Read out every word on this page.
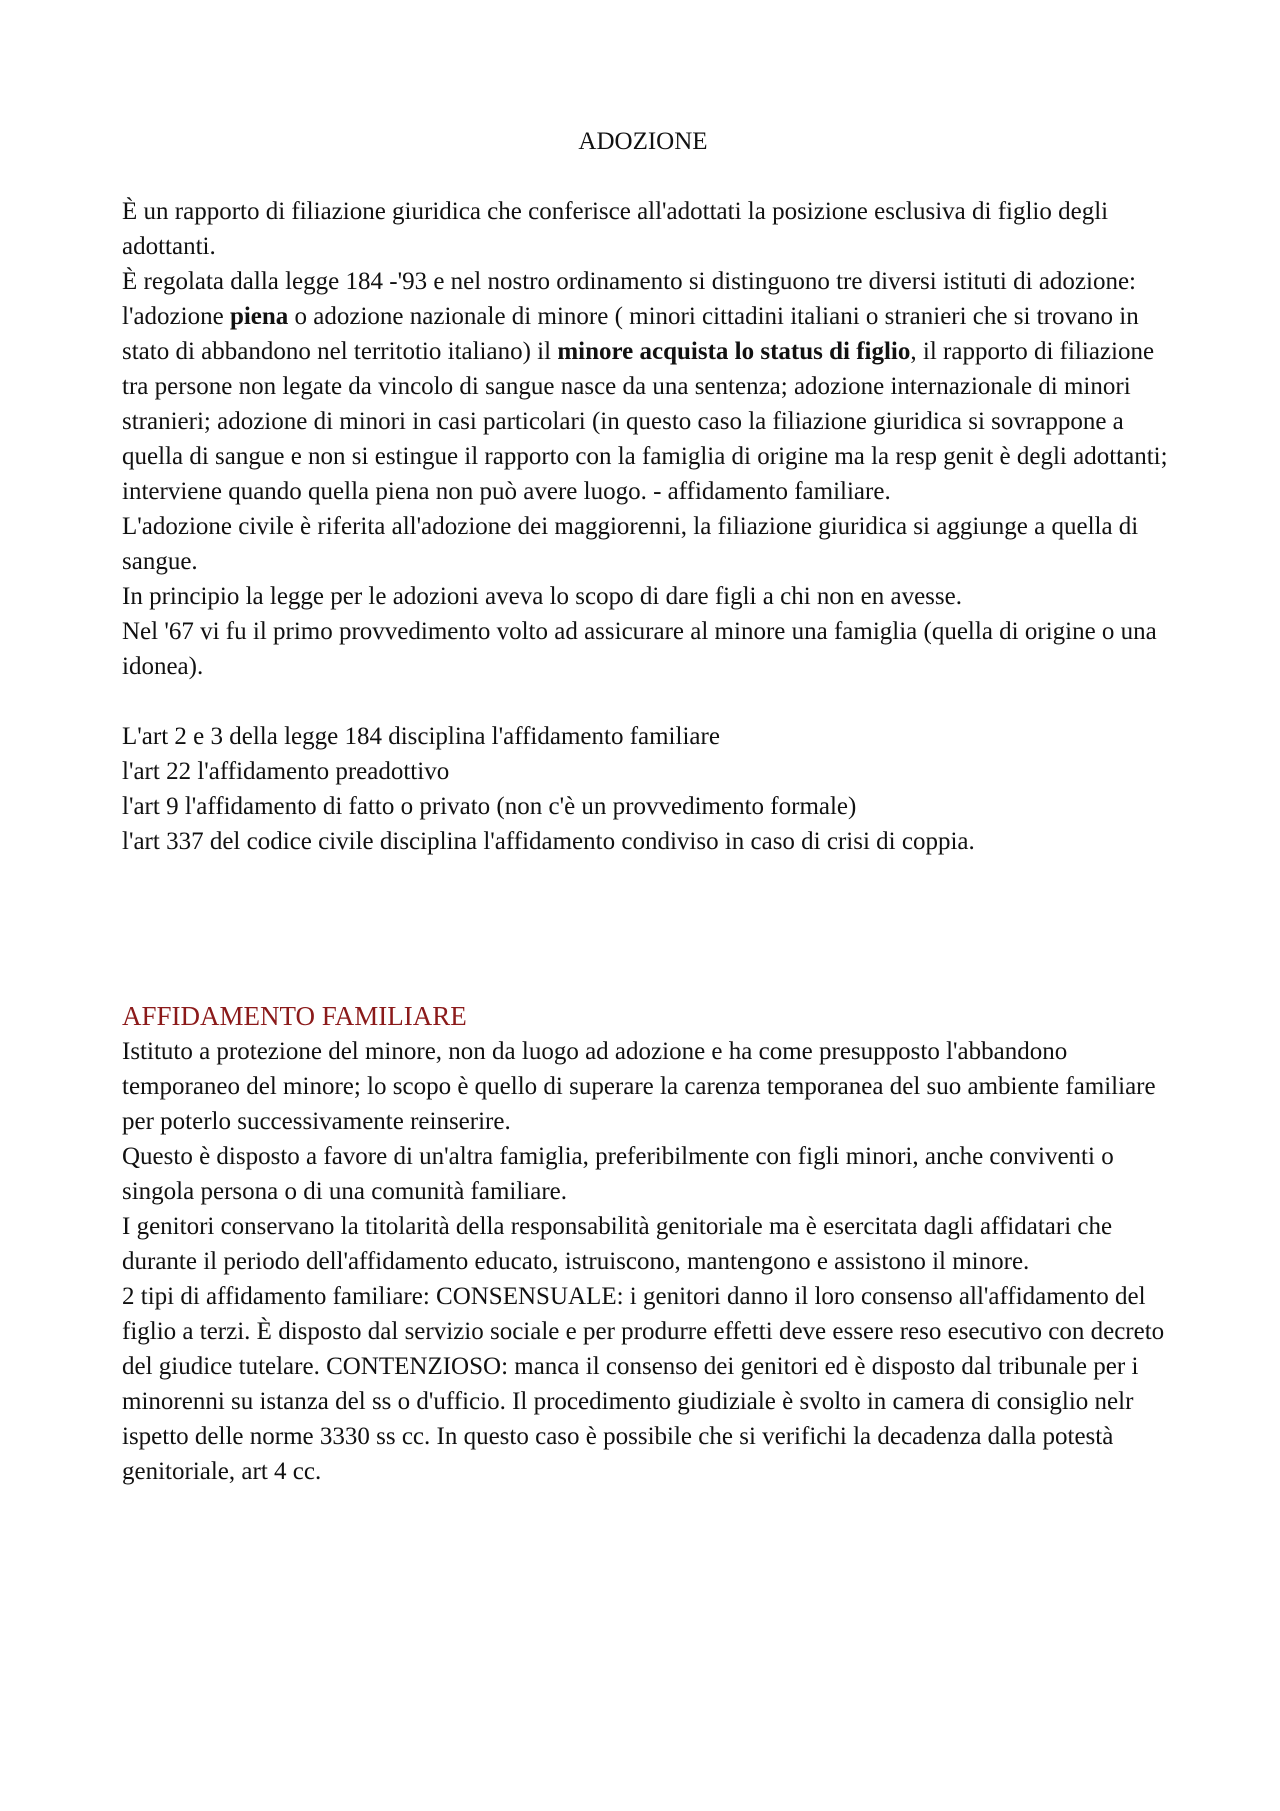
ADOZIONE

È un rapporto di filiazione giuridica che conferisce all'adottati la posizione esclusiva di figlio degli adottanti.

È regolata dalla legge 184 -'93 e nel nostro ordinamento si distinguono tre diversi istituti di adozione: l'adozione piena o adozione nazionale di minore ( minori cittadini italiani o stranieri che si trovano in stato di abbandono nel territotio italiano) il minore acquista lo status di figlio, il rapporto di filiazione tra persone non legate da vincolo di sangue nasce da una sentenza; adozione internazionale di minori stranieri; adozione di minori in casi particolari (in questo caso la filiazione giuridica si sovrappone a quella di sangue e non si estingue il rapporto con la famiglia di origine ma la resp genit è degli adottanti; interviene quando quella piena non può avere luogo. - affidamento familiare.

L'adozione civile è riferita all'adozione dei maggiorenni, la filiazione giuridica si aggiunge a quella di sangue.

In principio la legge per le adozioni aveva lo scopo di dare figli a chi non en avesse.

Nel '67 vi fu il primo provvedimento volto ad assicurare al minore una famiglia (quella di origine o una idonea).

L'art 2 e 3 della legge 184 disciplina l'affidamento familiare

l'art 22 l'affidamento preadottivo

l'art 9 l'affidamento di fatto o privato (non c'è un provvedimento formale)

l'art 337 del codice civile disciplina l'affidamento condiviso in caso di crisi di coppia.

AFFIDAMENTO FAMILIARE

Istituto a protezione del minore, non da luogo ad adozione e ha come presupposto l'abbandono temporaneo del minore; lo scopo è quello di superare la carenza temporanea del suo ambiente familiare per poterlo successivamente reinserire.

Questo è disposto a favore di un'altra famiglia, preferibilmente con figli minori, anche conviventi o singola persona o di una comunità familiare.

I genitori conservano la titolarità della responsabilità genitoriale ma è esercitata dagli affidatari che durante il periodo dell'affidamento educato, istruiscono, mantengono e assistono il minore.

2 tipi di affidamento familiare: CONSENSUALE: i genitori danno il loro consenso all'affidamento del figlio a terzi. È disposto dal servizio sociale e per produrre effetti deve essere reso esecutivo con decreto del giudice tutelare. CONTENZIOSO: manca il consenso dei genitori ed è disposto dal tribunale per i minorenni su istanza del ss o d'ufficio. Il procedimento giudiziale è svolto in camera di consiglio nelr ispetto delle norme 3330 ss cc. In questo caso è possibile che si verifichi la decadenza dalla potestà genitoriale, art 4 cc.
